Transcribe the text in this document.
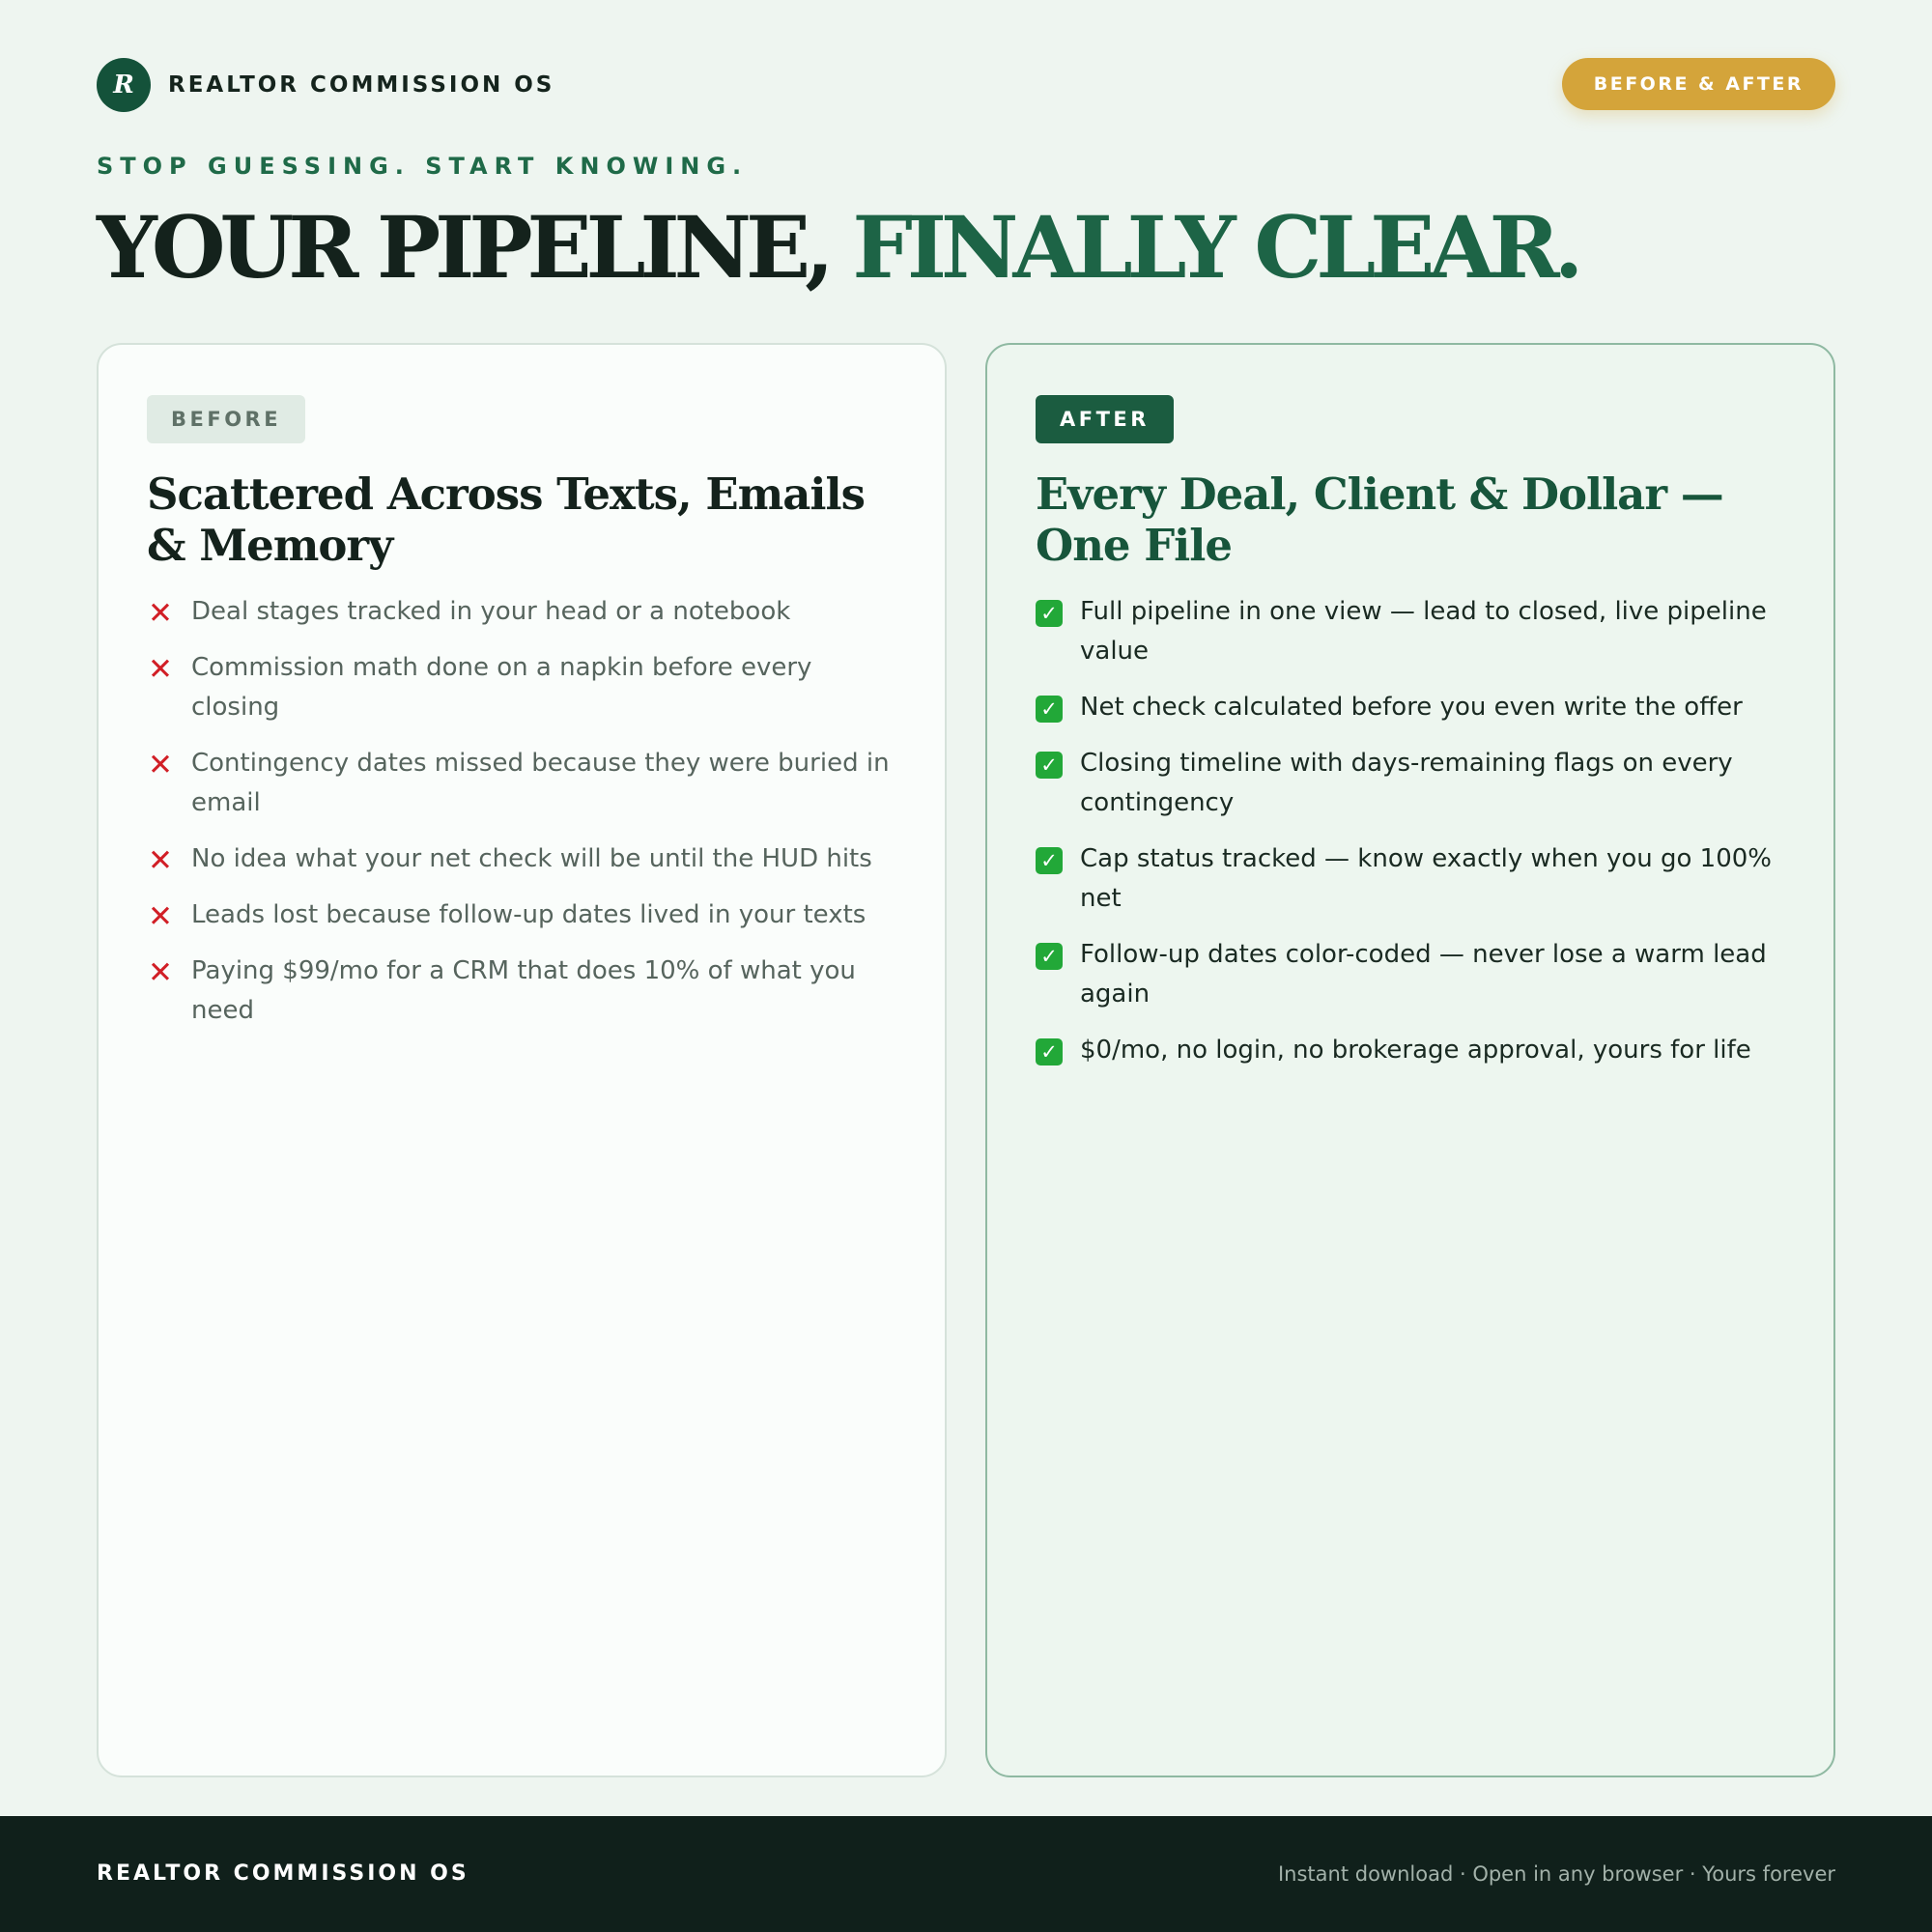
R	REALTOR COMMISSION OS	BEFORE & AFTER
STOP GUESSING. START KNOWING.
YOUR PIPELINE, FINALLY CLEAR.
BEFORE
Scattered Across Texts, Emails & Memory
✕ Deal stages tracked in your head or a notebook
✕ Commission math done on a napkin before every closing
✕ Contingency dates missed because they were buried in email
✕ No idea what your net check will be until the HUD hits
✕ Leads lost because follow-up dates lived in your texts
✕ Paying $99/mo for a CRM that does 10% of what you need
AFTER
Every Deal, Client & Dollar — One File
✓ Full pipeline in one view — lead to closed, live pipeline value
✓ Net check calculated before you even write the offer
✓ Closing timeline with days-remaining flags on every contingency
✓ Cap status tracked — know exactly when you go 100% net
✓ Follow-up dates color-coded — never lose a warm lead again
✓ $0/mo, no login, no brokerage approval, yours for life
REALTOR COMMISSION OS	Instant download · Open in any browser · Yours forever
